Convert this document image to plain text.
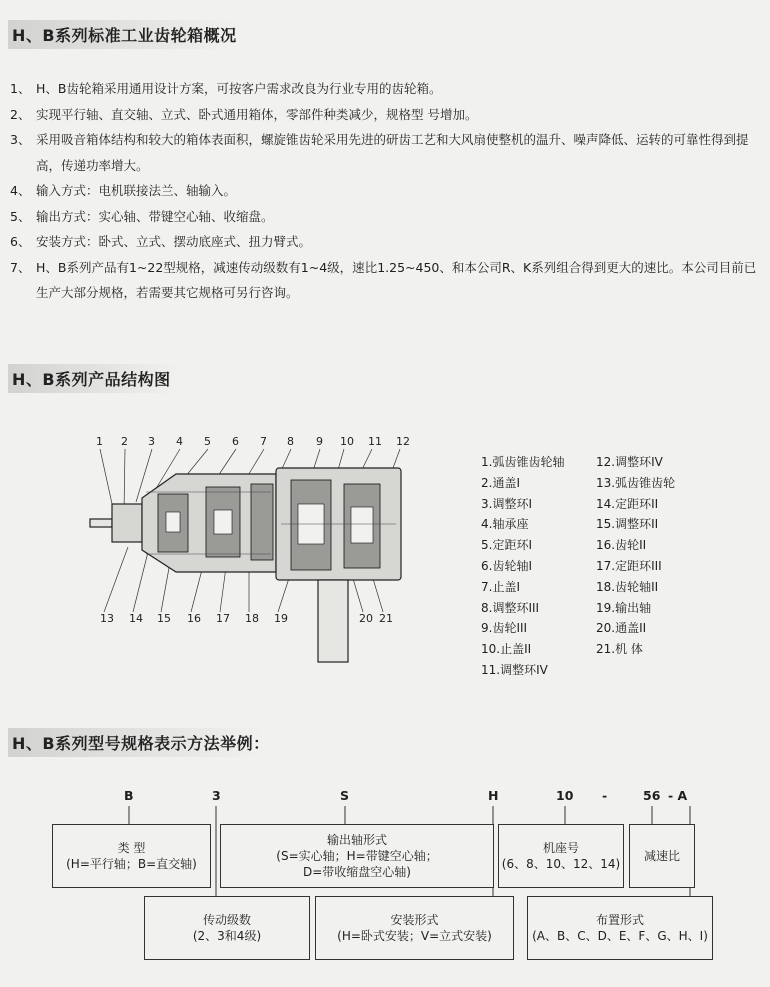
H、B系列标准工业齿轮箱概况
1、 H、B齿轮箱采用通用设计方案，可按客户需求改良为行业专用的齿轮箱。
2、 实现平行轴、直交轴、立式、卧式通用箱体，零部件种类减少，规格型 号增加。
3、 采用吸音箱体结构和较大的箱体表面积，螺旋锥齿轮采用先进的研齿工艺和大风扇使整机的温升、噪声降低、运转的可靠性得到提高，传递功率增大。
4、 输入方式：电机联接法兰、轴输入。
5、 输出方式：实心轴、带键空心轴、收缩盘。
6、 安装方式：卧式、立式、摆动底座式、扭力臂式。
7、 H、B系列产品有1~22型规格，减速传动级数有1~4级，速比1.25~450、和本公司R、K系列组合得到更大的速比。本公司目前已生产大部分规格，若需要其它规格可另行咨询。
H、B系列产品结构图
1 2 3 4 5 6 7 8 9 10 11 12
13 14 15 16 17 18 19	20 21
1.弧齿锥齿轮轴
2.通盖Ⅰ
3.调整环Ⅰ
4.轴承座
5.定距环Ⅰ
6.齿轮轴Ⅰ
7.止盖Ⅰ
8.调整环III
9.齿轮III
10.止盖II
11.调整环IV
12.调整环IV
13.弧齿锥齿轮
14.定距环II
15.调整环II
16.齿轮II
17.定距环III
18.齿轮轴II
19.输出轴
20.通盖II
21.机 体
H、B系列型号规格表示方法举例：
B	3	S	H	10 -	56 - A
类 型
(H=平行轴；B=直交轴)
输出轴形式
(S=实心轴；H=带键空心轴；
D=带收缩盘空心轴)
机座号
(6、8、10、12、14)
减速比
传动级数
(2、3和4级)
安装形式
(H=卧式安装；V=立式安装)
布置形式
(A、B、C、D、E、F、G、H、I)
